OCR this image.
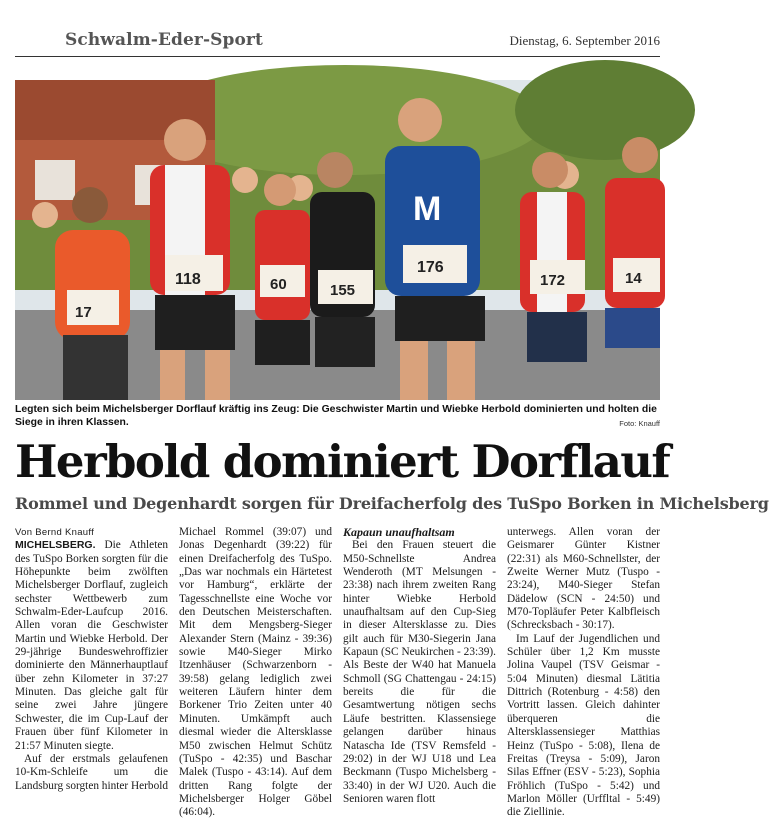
Schwalm-Eder-Sport	Dienstag, 6. September 2016
M
17
118	60	155
176
172	14
Legten sich beim Michelsberger Dorflauf kräftig ins Zeug: Die Geschwister Martin und Wiebke Herbold dominierten und holten die Siege in ihren Klassen.	Foto: Knauff
Herbold dominiert Dorflauf
Rommel und Degenhardt sorgen für Dreifacherfolg des TuSpo Borken in Michelsberg

Von Bernd Knauff

MICHELSBERG. Die Athleten des TuSpo Borken sorgten für die Höhepunkte beim zwölften Michelsberger Dorflauf, zugleich sechster Wettbewerb zum Schwalm-Eder-Laufcup 2016. Allen voran die Geschwister Martin und Wiebke Herbold. Der 29-jährige Bundeswehroffizier dominierte den Männerhauptlauf über zehn Kilometer in 37:27 Minuten. Das gleiche galt für seine zwei Jahre jüngere Schwester, die im Cup-Lauf der Frauen über fünf Kilometer in 21:57 Minuten siegte.

Auf der erstmals gelaufenen 10-Km-Schleife um die Landsburg sorgten hinter Herbold

Michael Rommel (39:07) und Jonas Degenhardt (39:22) für einen Dreifacherfolg des TuSpo. „Das war nochmals ein Härtetest vor Hamburg“, erklärte der Tagesschnellste eine Woche vor den Deutschen Meisterschaften. Mit dem Mengsberg-Sieger Alexander Stern (Mainz - 39:36) sowie M40-Sieger Mirko Itzenhäuser (Schwarzenborn - 39:58) gelang lediglich zwei weiteren Läufern hinter dem Borkener Trio Zeiten unter 40 Minuten. Umkämpft auch diesmal wieder die Altersklasse M50 zwischen Helmut Schütz (TuSpo - 42:35) und Baschar Malek (Tuspo - 43:14). Auf dem dritten Rang folgte der Michelsberger Holger Göbel (46:04).

Kapaun unaufhaltsam

Bei den Frauen steuert die M50-Schnellste Andrea Wenderoth (MT Melsungen - 23:38) nach ihrem zweiten Rang hinter Wiebke Herbold unaufhaltsam auf den Cup-Sieg in dieser Altersklasse zu. Dies gilt auch für M30-Siegerin Jana Kapaun (SC Neukirchen - 23:39). Als Beste der W40 hat Manuela Schmoll (SG Chattengau - 24:15) bereits die für die Gesamtwertung nötigen sechs Läufe bestritten. Klassensiege gelangen darüber hinaus Natascha Ide (TSV Remsfeld - 29:02) in der WJ U18 und Lea Beckmann (Tuspo Michelsberg - 33:40) in der WJ U20. Auch die Senioren waren flott

unterwegs. Allen voran der Geismarer Günter Kistner (22:31) als M60-Schnellster, der Zweite Werner Mutz (Tuspo - 23:24), M40-Sieger Stefan Dädelow (SCN - 24:50) und M70-Topläufer Peter Kalbfleisch (Schrecksbach - 30:17).

Im Lauf der Jugendlichen und Schüler über 1,2 Km musste Jolina Vaupel (TSV Geismar - 5:04 Minuten) diesmal Lätitia Dittrich (Rotenburg - 4:58) den Vortritt lassen. Gleich dahinter überqueren die Altersklassensieger Matthias Heinz (TuSpo - 5:08), Ilena de Freitas (Treysa - 5:09), Jaron Silas Effner (ESV - 5:23), Sophia Fröhlich (TuSpo - 5:42) und Marlon Möller (Urffltal - 5:49) die Ziellinie.
